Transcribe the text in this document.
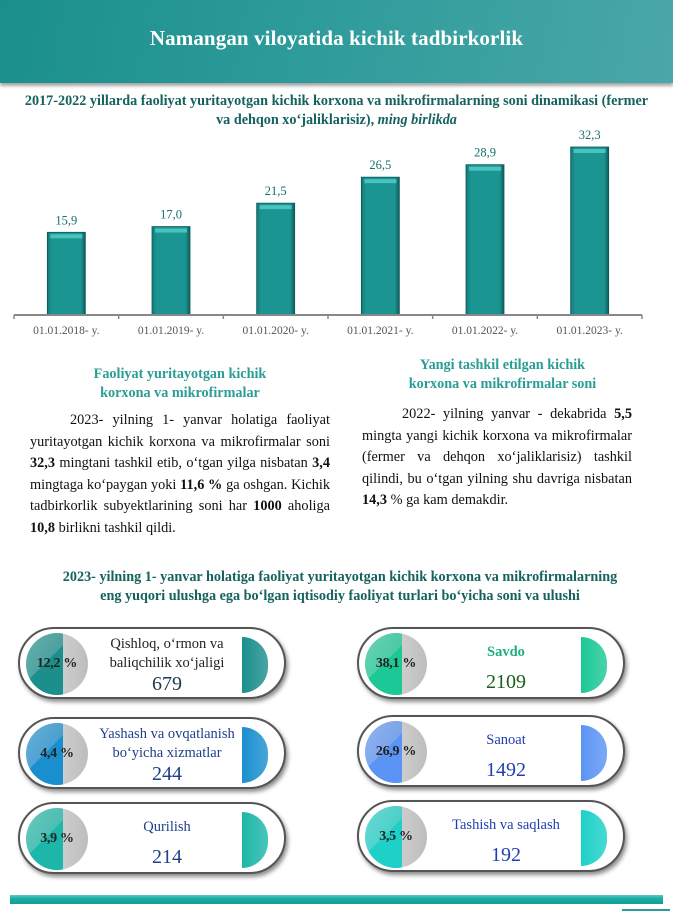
Namangan viloyatida kichik tadbirkorlik
2017-2022 yillarda faoliyat yuritayotgan kichik korxona va mikrofirmalarning soni dinamikasi (fermer va dehqon xo‘jaliklarisiz), ming birlikda
15,9	17,0
21,5
26,5
28,9
32,3
01.01.2018- y.	01.01.2019- y.	01.01.2020- y.	01.01.2021- y.	01.01.2022- y.	01.01.2023- y.
Faoliyat yuritayotgan kichik
korxona va mikrofirmalar
2023- yilning 1- yanvar holatiga faoliyat yuritayotgan kichik korxona va mikrofirmalar soni 32,3 mingtani tashkil etib, o‘tgan yilga nisbatan 3,4 mingtaga ko‘paygan yoki 11,6 % ga oshgan. Kichik tadbirkorlik subyektlarining soni har 1000 aholiga 10,8 birlikni tashkil qildi.
Yangi tashkil etilgan kichik
korxona va mikrofirmalar soni
2022- yilning yanvar - dekabrida 5,5 mingta yangi kichik korxona va mikrofirmalar (fermer va dehqon xo‘jaliklarisiz) tashkil qilindi, bu o‘tgan yilning shu davriga nisbatan 14,3 % ga kam demakdir.
2023- yilning 1- yanvar holatiga faoliyat yuritayotgan kichik korxona va mikrofirmalarning
eng yuqori ulushga ega bo‘lgan iqtisodiy faoliyat turlari bo‘yicha soni va ulushi
12,2 %
Qishloq, o‘rmon va
baliqchilik xo‘jaligi
679
4,4 %
Yashash va ovqatlanish
bo‘yicha xizmatlar
244
3,9 %
Qurilish
214
38,1 %
Savdo
2109
26,9 %
Sanoat
1492
3,5 %
Tashish va saqlash
192
